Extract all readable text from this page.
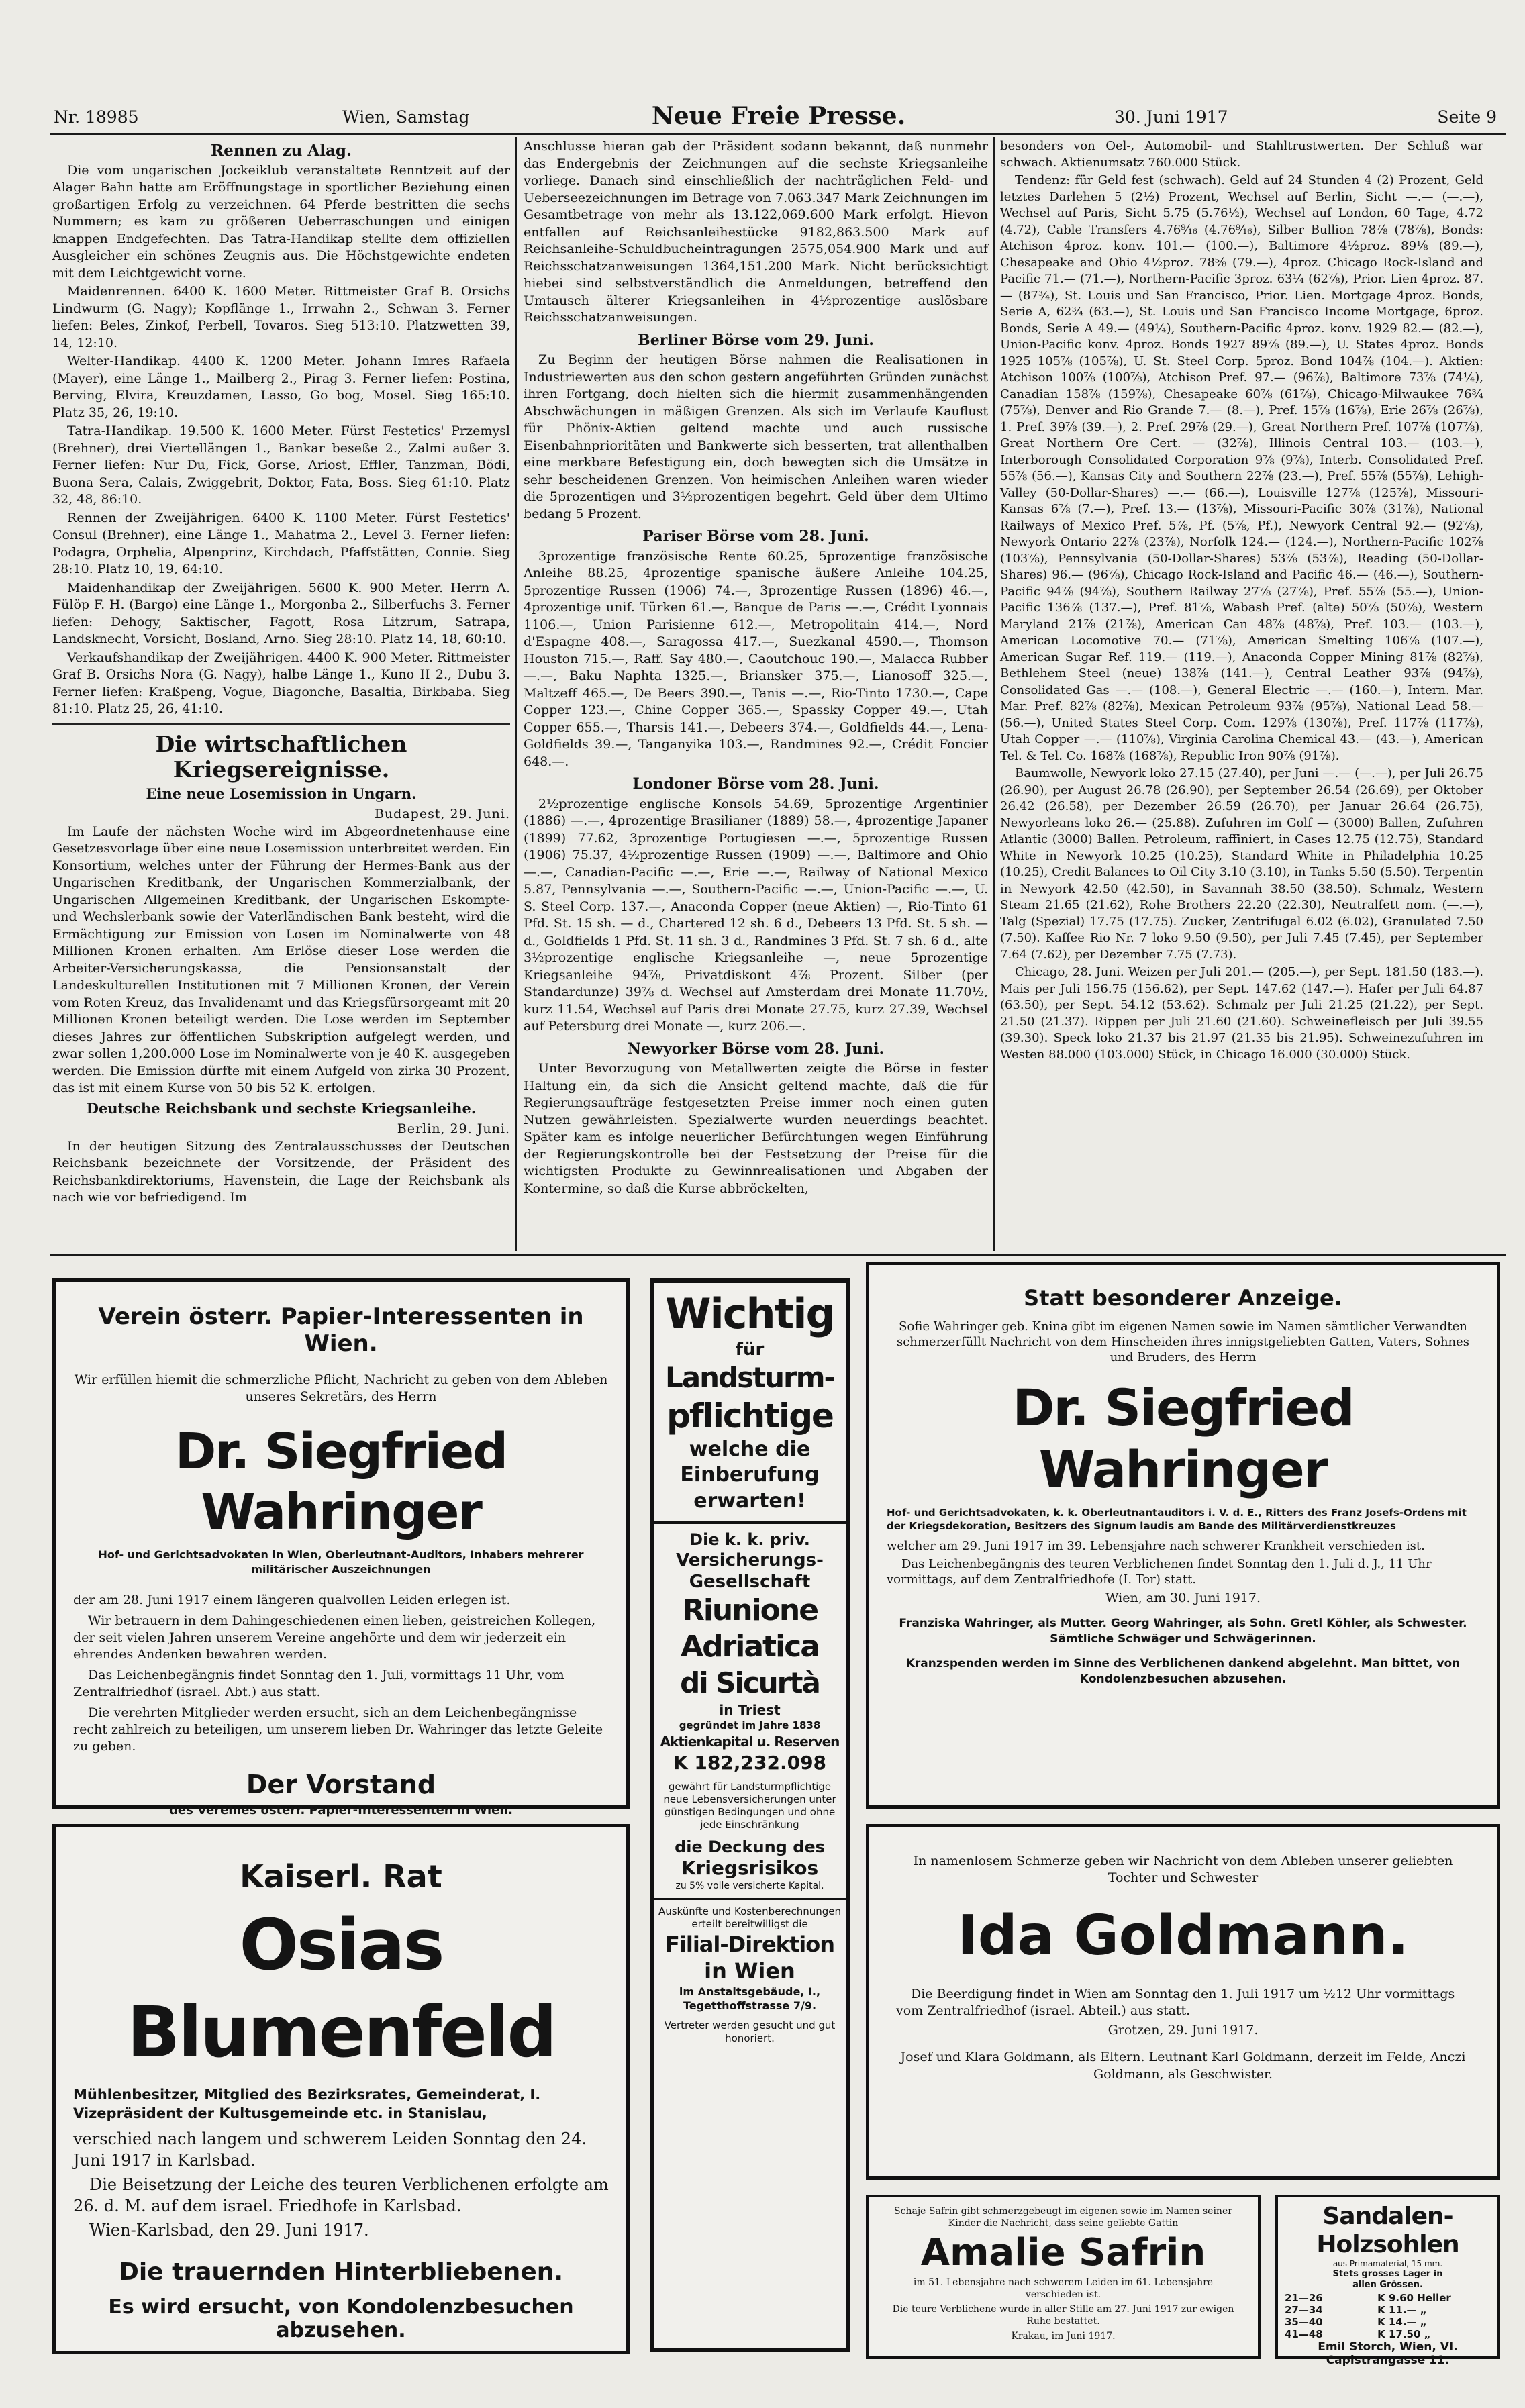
Nr. 18985	Wien, Samstag	Neue Freie Presse.	30. Juni 1917	Seite 9
Rennen zu Alag.

Die vom ungarischen Jockeiklub veranstaltete Renntzeit auf der Alager Bahn hatte am Eröffnungstage in sportlicher Beziehung einen großartigen Erfolg zu verzeichnen. 64 Pferde bestritten die sechs Nummern; es kam zu größeren Ueberraschungen und einigen knappen Endgefechten. Das Tatra-Handikap stellte dem offiziellen Ausgleicher ein schönes Zeugnis aus. Die Höchstgewichte endeten mit dem Leichtgewicht vorne.

Maidenrennen. 6400 K. 1600 Meter. Rittmeister Graf B. Orsichs Lindwurm (G. Nagy); Kopflänge 1., Irrwahn 2., Schwan 3. Ferner liefen: Beles, Zinkof, Perbell, Tovaros. Sieg 513:10. Platzwetten 39, 14, 12:10.

Welter-Handikap. 4400 K. 1200 Meter. Johann Imres Rafaela (Mayer), eine Länge 1., Mailberg 2., Pirag 3. Ferner liefen: Postina, Berving, Elvira, Kreuzdamen, Lasso, Go bog, Mosel. Sieg 165:10. Platz 35, 26, 19:10.

Tatra-Handikap. 19.500 K. 1600 Meter. Fürst Festetics' Przemysl (Brehner), drei Viertellängen 1., Bankar beseße 2., Zalmi außer 3. Ferner liefen: Nur Du, Fick, Gorse, Ariost, Effler, Tanzman, Bödi, Buona Sera, Calais, Zwiggebrit, Doktor, Fata, Boss. Sieg 61:10. Platz 32, 48, 86:10.

Rennen der Zweijährigen. 6400 K. 1100 Meter. Fürst Festetics' Consul (Brehner), eine Länge 1., Mahatma 2., Level 3. Ferner liefen: Podagra, Orphelia, Alpenprinz, Kirchdach, Pfaffstätten, Connie. Sieg 28:10. Platz 10, 19, 64:10.

Maidenhandikap der Zweijährigen. 5600 K. 900 Meter. Herrn A. Fülöp F. H. (Bargo) eine Länge 1., Morgonba 2., Silberfuchs 3. Ferner liefen: Dehogy, Saktischer, Fagott, Rosa Litzrum, Satrapa, Landsknecht, Vorsicht, Bosland, Arno. Sieg 28:10. Platz 14, 18, 60:10.

Verkaufshandikap der Zweijährigen. 4400 K. 900 Meter. Rittmeister Graf B. Orsichs Nora (G. Nagy), halbe Länge 1., Kuno II 2., Dubu 3. Ferner liefen: Kraßpeng, Vogue, Biagonche, Basaltia, Birkbaba. Sieg 81:10. Platz 25, 26, 41:10.

Die wirtschaftlichen Kriegsereignisse.
Eine neue Losemission in Ungarn.

Budapest, 29. Juni.

Im Laufe der nächsten Woche wird im Abgeordnetenhause eine Gesetzesvorlage über eine neue Losemission unterbreitet werden. Ein Konsortium, welches unter der Führung der Hermes-Bank aus der Ungarischen Kreditbank, der Ungarischen Kommerzialbank, der Ungarischen Allgemeinen Kreditbank, der Ungarischen Eskompte- und Wechslerbank sowie der Vaterländischen Bank besteht, wird die Ermächtigung zur Emission von Losen im Nominalwerte von 48 Millionen Kronen erhalten. Am Erlöse dieser Lose werden die Arbeiter-Versicherungskassa, die Pensionsanstalt der Landeskulturellen Institutionen mit 7 Millionen Kronen, der Verein vom Roten Kreuz, das Invalidenamt und das Kriegsfürsorgeamt mit 20 Millionen Kronen beteiligt werden. Die Lose werden im September dieses Jahres zur öffentlichen Subskription aufgelegt werden, und zwar sollen 1,200.000 Lose im Nominalwerte von je 40 K. ausgegeben werden. Die Emission dürfte mit einem Aufgeld von zirka 30 Prozent, das ist mit einem Kurse von 50 bis 52 K. erfolgen.

Deutsche Reichsbank und sechste Kriegsanleihe.

Berlin, 29. Juni.

In der heutigen Sitzung des Zentralausschusses der Deutschen Reichsbank bezeichnete der Vorsitzende, der Präsident des Reichsbankdirektoriums, Havenstein, die Lage der Reichsbank als nach wie vor befriedigend. Im

Anschlusse hieran gab der Präsident sodann bekannt, daß nunmehr das Endergebnis der Zeichnungen auf die sechste Kriegsanleihe vorliege. Danach sind einschließlich der nachträglichen Feld- und Ueberseezeichnungen im Betrage von 7.063.347 Mark Zeichnungen im Gesamtbetrage von mehr als 13.122,069.600 Mark erfolgt. Hievon entfallen auf Reichsanleihestücke 9182,863.500 Mark auf Reichsanleihe-Schuldbucheintragungen 2575,054.900 Mark und auf Reichsschatzanweisungen 1364,151.200 Mark. Nicht berücksichtigt hiebei sind selbstverständlich die Anmeldungen, betreffend den Umtausch älterer Kriegsanleihen in 4½prozentige auslösbare Reichsschatzanweisungen.

Berliner Börse vom 29. Juni.

Zu Beginn der heutigen Börse nahmen die Realisationen in Industriewerten aus den schon gestern angeführten Gründen zunächst ihren Fortgang, doch hielten sich die hiermit zusammenhängenden Abschwächungen in mäßigen Grenzen. Als sich im Verlaufe Kauflust für Phönix-Aktien geltend machte und auch russische Eisenbahnprioritäten und Bankwerte sich besserten, trat allenthalben eine merkbare Befestigung ein, doch bewegten sich die Umsätze in sehr bescheidenen Grenzen. Von heimischen Anleihen waren wieder die 5prozentigen und 3½prozentigen begehrt. Geld über dem Ultimo bedang 5 Prozent.

Pariser Börse vom 28. Juni.

3prozentige französische Rente 60.25, 5prozentige französische Anleihe 88.25, 4prozentige spanische äußere Anleihe 104.25, 5prozentige Russen (1906) 74.—, 3prozentige Russen (1896) 46.—, 4prozentige unif. Türken 61.—, Banque de Paris —.—, Crédit Lyonnais 1106.—, Union Parisienne 612.—, Metropolitain 414.—, Nord d'Espagne 408.—, Saragossa 417.—, Suezkanal 4590.—, Thomson Houston 715.—, Raff. Say 480.—, Caoutchouc 190.—, Malacca Rubber —.—, Baku Naphta 1325.—, Briansker 375.—, Lianosoff 325.—, Maltzeff 465.—, De Beers 390.—, Tanis —.—, Rio-Tinto 1730.—, Cape Copper 123.—, Chine Copper 365.—, Spassky Copper 49.—, Utah Copper 655.—, Tharsis 141.—, Debeers 374.—, Goldfields 44.—, Lena-Goldfields 39.—, Tanganyika 103.—, Randmines 92.—, Crédit Foncier 648.—.

Londoner Börse vom 28. Juni.

2½prozentige englische Konsols 54.69, 5prozentige Argentinier (1886) —.—, 4prozentige Brasilianer (1889) 58.—, 4prozentige Japaner (1899) 77.62, 3prozentige Portugiesen —.—, 5prozentige Russen (1906) 75.37, 4½prozentige Russen (1909) —.—, Baltimore and Ohio —.—, Canadian-Pacific —.—, Erie —.—, Railway of National Mexico 5.87, Pennsylvania —.—, Southern-Pacific —.—, Union-Pacific —.—, U. S. Steel Corp. 137.—, Anaconda Copper (neue Aktien) —, Rio-Tinto 61 Pfd. St. 15 sh. — d., Chartered 12 sh. 6 d., Debeers 13 Pfd. St. 5 sh. — d., Goldfields 1 Pfd. St. 11 sh. 3 d., Randmines 3 Pfd. St. 7 sh. 6 d., alte 3½prozentige englische Kriegsanleihe —, neue 5prozentige Kriegsanleihe 94⅞, Privatdiskont 4⅞ Prozent. Silber (per Standardunze) 39⅞ d. Wechsel auf Amsterdam drei Monate 11.70½, kurz 11.54, Wechsel auf Paris drei Monate 27.75, kurz 27.39, Wechsel auf Petersburg drei Monate —, kurz 206.—.

Newyorker Börse vom 28. Juni.

Unter Bevorzugung von Metallwerten zeigte die Börse in fester Haltung ein, da sich die Ansicht geltend machte, daß die für Regierungsaufträge festgesetzten Preise immer noch einen guten Nutzen gewährleisten. Spezialwerte wurden neuerdings beachtet. Später kam es infolge neuerlicher Befürchtungen wegen Einführung der Regierungskontrolle bei der Festsetzung der Preise für die wichtigsten Produkte zu Gewinnrealisationen und Abgaben der Kontermine, so daß die Kurse abbröckelten,

besonders von Oel-, Automobil- und Stahltrustwerten. Der Schluß war schwach. Aktienumsatz 760.000 Stück.

Tendenz: für Geld fest (schwach). Geld auf 24 Stunden 4 (2) Prozent, Geld letztes Darlehen 5 (2½) Prozent, Wechsel auf Berlin, Sicht —.— (—.—), Wechsel auf Paris, Sicht 5.75 (5.76½), Wechsel auf London, 60 Tage, 4.72 (4.72), Cable Transfers 4.76⁹⁄₁₆ (4.76⁹⁄₁₆), Silber Bullion 78⅞ (78⅞), Bonds: Atchison 4proz. konv. 101.— (100.—), Baltimore 4½proz. 89⅛ (89.—), Chesapeake and Ohio 4½proz. 78⅝ (79.—), 4proz. Chicago Rock-Island and Pacific 71.— (71.—), Northern-Pacific 3proz. 63¼ (62⅞), Prior. Lien 4proz. 87.— (87¾), St. Louis und San Francisco, Prior. Lien. Mortgage 4proz. Bonds, Serie A, 62¾ (63.—), St. Louis und San Francisco Income Mortgage, 6proz. Bonds, Serie A 49.— (49¼), Southern-Pacific 4proz. konv. 1929 82.— (82.—), Union-Pacific konv. 4proz. Bonds 1927 89⅞ (89.—), U. States 4proz. Bonds 1925 105⅞ (105⅞), U. St. Steel Corp. 5proz. Bond 104⅞ (104.—). Aktien: Atchison 100⅞ (100⅞), Atchison Pref. 97.— (96⅞), Baltimore 73⅞ (74¼), Canadian 158⅞ (159⅞), Chesapeake 60⅞ (61⅞), Chicago-Milwaukee 76¾ (75⅞), Denver and Rio Grande 7.— (8.—), Pref. 15⅞ (16⅞), Erie 26⅞ (26⅞), 1. Pref. 39⅞ (39.—), 2. Pref. 29⅞ (29.—), Great Northern Pref. 107⅞ (107⅞), Great Northern Ore Cert. — (32⅞), Illinois Central 103.— (103.—), Interborough Consolidated Corporation 9⅞ (9⅞), Interb. Consolidated Pref. 55⅞ (56.—), Kansas City and Southern 22⅞ (23.—), Pref. 55⅞ (55⅞), Lehigh-Valley (50-Dollar-Shares) —.— (66.—), Louisville 127⅞ (125⅞), Missouri-Kansas 6⅞ (7.—), Pref. 13.— (13⅞), Missouri-Pacific 30⅞ (31⅞), National Railways of Mexico Pref. 5⅞, Pf. (5⅞, Pf.), Newyork Central 92.— (92⅞), Newyork Ontario 22⅞ (23⅞), Norfolk 124.— (124.—), Northern-Pacific 102⅞ (103⅞), Pennsylvania (50-Dollar-Shares) 53⅞ (53⅞), Reading (50-Dollar-Shares) 96.— (96⅞), Chicago Rock-Island and Pacific 46.— (46.—), Southern-Pacific 94⅞ (94⅞), Southern Railway 27⅞ (27⅞), Pref. 55⅞ (55.—), Union-Pacific 136⅞ (137.—), Pref. 81⅞, Wabash Pref. (alte) 50⅞ (50⅞), Western Maryland 21⅞ (21⅞), American Can 48⅞ (48⅞), Pref. 103.— (103.—), American Locomotive 70.— (71⅞), American Smelting 106⅞ (107.—), American Sugar Ref. 119.— (119.—), Anaconda Copper Mining 81⅞ (82⅞), Bethlehem Steel (neue) 138⅞ (141.—), Central Leather 93⅞ (94⅞), Consolidated Gas —.— (108.—), General Electric —.— (160.—), Intern. Mar. Mar. Pref. 82⅞ (82⅞), Mexican Petroleum 93⅞ (95⅞), National Lead 58.— (56.—), United States Steel Corp. Com. 129⅞ (130⅞), Pref. 117⅞ (117⅞), Utah Copper —.— (110⅞), Virginia Carolina Chemical 43.— (43.—), American Tel. & Tel. Co. 168⅞ (168⅞), Republic Iron 90⅞ (91⅞).

Baumwolle, Newyork loko 27.15 (27.40), per Juni —.— (—.—), per Juli 26.75 (26.90), per August 26.78 (26.90), per September 26.54 (26.69), per Oktober 26.42 (26.58), per Dezember 26.59 (26.70), per Januar 26.64 (26.75), Newyorleans loko 26.— (25.88). Zufuhren im Golf — (3000) Ballen, Zufuhren Atlantic (3000) Ballen. Petroleum, raffiniert, in Cases 12.75 (12.75), Standard White in Newyork 10.25 (10.25), Standard White in Philadelphia 10.25 (10.25), Credit Balances to Oil City 3.10 (3.10), in Tanks 5.50 (5.50). Terpentin in Newyork 42.50 (42.50), in Savannah 38.50 (38.50). Schmalz, Western Steam 21.65 (21.62), Rohe Brothers 22.20 (22.30), Neutralfett nom. (—.—), Talg (Spezial) 17.75 (17.75). Zucker, Zentrifugal 6.02 (6.02), Granulated 7.50 (7.50). Kaffee Rio Nr. 7 loko 9.50 (9.50), per Juli 7.45 (7.45), per September 7.64 (7.62), per Dezember 7.75 (7.73).

Chicago, 28. Juni. Weizen per Juli 201.— (205.—), per Sept. 181.50 (183.—). Mais per Juli 156.75 (156.62), per Sept. 147.62 (147.—). Hafer per Juli 64.87 (63.50), per Sept. 54.12 (53.62). Schmalz per Juli 21.25 (21.22), per Sept. 21.50 (21.37). Rippen per Juli 21.60 (21.60). Schweinefleisch per Juli 39.55 (39.30). Speck loko 21.37 bis 21.97 (21.35 bis 21.95). Schweinezufuhren im Westen 88.000 (103.000) Stück, in Chicago 16.000 (30.000) Stück.

Verein österr. Papier-Interessenten in Wien.
Wir erfüllen hiemit die schmerzliche Pflicht, Nachricht zu geben von dem Ableben unseres Sekretärs, des Herrn
Dr. Siegfried Wahringer
Hof- und Gerichtsadvokaten in Wien, Oberleutnant-Auditors, Inhabers mehrerer militärischer Auszeichnungen
der am 28. Juni 1917 einem längeren qualvollen Leiden erlegen ist.
Wir betrauern in dem Dahingeschiedenen einen lieben, geistreichen Kollegen, der seit vielen Jahren unserem Vereine angehörte und dem wir jederzeit ein ehrendes Andenken bewahren werden.
Das Leichenbegängnis findet Sonntag den 1. Juli, vormittags 11 Uhr, vom Zentralfriedhof (israel. Abt.) aus statt.
Die verehrten Mitglieder werden ersucht, sich an dem Leichenbegängnisse recht zahlreich zu beteiligen, um unserem lieben Dr. Wahringer das letzte Geleite zu geben.
Der Vorstand
des Vereines österr. Papier-Interessenten in Wien.
Kaiserl. Rat
Osias Blumenfeld
Mühlenbesitzer, Mitglied des Bezirksrates, Gemeinderat, I. Vizepräsident der Kultusgemeinde etc. in Stanislau,
verschied nach langem und schwerem Leiden Sonntag den 24. Juni 1917 in Karlsbad.
Die Beisetzung der Leiche des teuren Verblichenen erfolgte am 26. d. M. auf dem israel. Friedhofe in Karlsbad.
Wien-Karlsbad, den 29. Juni 1917.
Die trauernden Hinterbliebenen.
Es wird ersucht, von Kondolenzbesuchen abzusehen.
Wichtig
für
Landsturm-
pflichtige
welche die
Einberufung
erwarten!
Die k. k. priv.
Versicherungs-
Gesellschaft
Riunione
Adriatica
di Sicurtà
in Triest
gegründet im Jahre 1838
Aktienkapital u. Reserven
K 182,232.098
gewährt für Landsturmpflichtige neue Lebensversicherungen unter günstigen Bedingungen und ohne jede Einschränkung
die Deckung des
Kriegsrisikos
zu 5% volle versicherte Kapital.
Auskünfte und Kostenberechnungen erteilt bereitwilligst die
Filial-Direktion
in Wien
im Anstaltsgebäude, I., Tegetthoffstrasse 7/9.
Vertreter werden gesucht und gut honoriert.
Statt besonderer Anzeige.
Sofie Wahringer geb. Knina gibt im eigenen Namen sowie im Namen sämtlicher Verwandten schmerzerfüllt Nachricht von dem Hinscheiden ihres innigstgeliebten Gatten, Vaters, Sohnes und Bruders, des Herrn
Dr. Siegfried Wahringer
Hof- und Gerichtsadvokaten, k. k. Oberleutnantauditors i. V. d. E., Ritters des Franz Josefs-Ordens mit der Kriegsdekoration, Besitzers des Signum laudis am Bande des Militärverdienstkreuzes
welcher am 29. Juni 1917 im 39. Lebensjahre nach schwerer Krankheit verschieden ist.
Das Leichenbegängnis des teuren Verblichenen findet Sonntag den 1. Juli d. J., 11 Uhr vormittags, auf dem Zentralfriedhofe (I. Tor) statt.
Wien, am 30. Juni 1917.
Franziska Wahringer, als Mutter. Georg Wahringer, als Sohn. Gretl Köhler, als Schwester. Sämtliche Schwäger und Schwägerinnen.
Kranzspenden werden im Sinne des Verblichenen dankend abgelehnt. Man bittet, von Kondolenzbesuchen abzusehen.
In namenlosem Schmerze geben wir Nachricht von dem Ableben unserer geliebten Tochter und Schwester
Ida Goldmann.
Die Beerdigung findet in Wien am Sonntag den 1. Juli 1917 um ½12 Uhr vormittags vom Zentralfriedhof (israel. Abteil.) aus statt.
Grotzen, 29. Juni 1917.
Josef und Klara Goldmann, als Eltern. Leutnant Karl Goldmann, derzeit im Felde, Anczi Goldmann, als Geschwister.
Schaje Safrin gibt schmerzgebeugt im eigenen sowie im Namen seiner Kinder die Nachricht, dass seine geliebte Gattin
Amalie Safrin
im 51. Lebensjahre nach schwerem Leiden im 61. Lebensjahre verschieden ist.
Die teure Verblichene wurde in aller Stille am 27. Juni 1917 zur ewigen Ruhe bestattet.
Krakau, im Juni 1917.
Sandalen-
Holzsohlen
aus Primamaterial, 15 mm.
Stets grosses Lager in
allen Grössen.
21—26	K 9.60 Heller
27—34	K 11.— „
35—40	K 14.— „
41—48	K 17.50 „
Emil Storch, Wien, VI.
Capistrangasse 11.
